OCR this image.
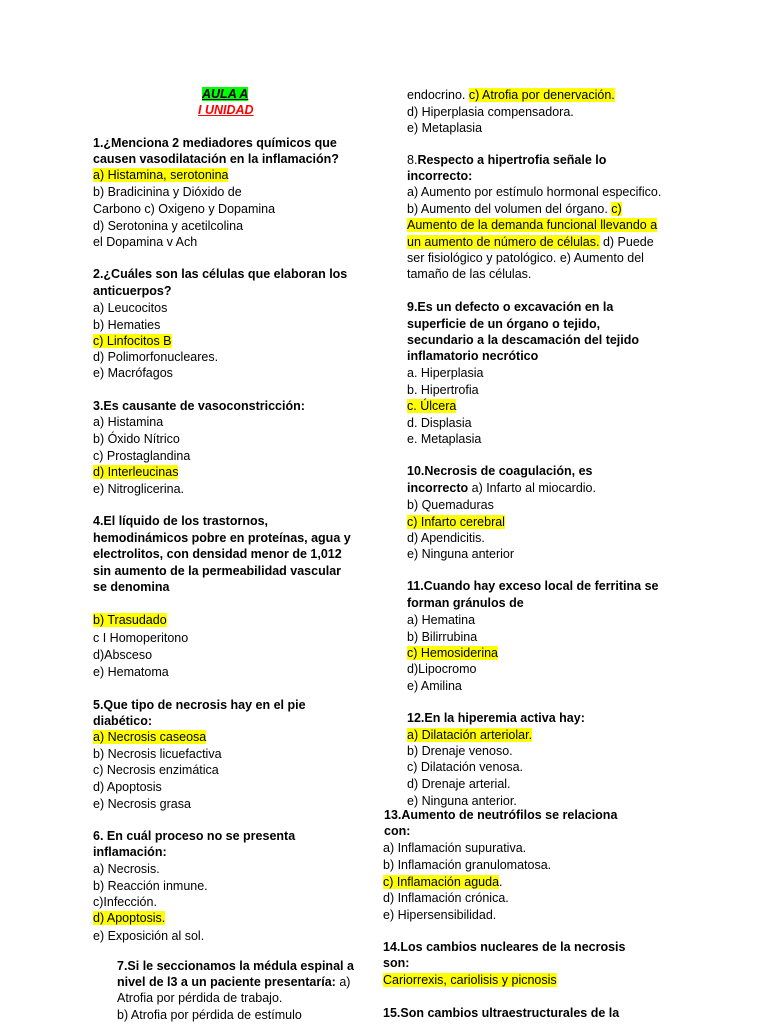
AULA A
I UNIDAD
1.¿Menciona 2 mediadores químicos que
causen vasodilatación en la inflamación?
a) Histamina, serotonina
b) Bradicinina y Dióxido de
Carbono c) Oxigeno y Dopamina
d) Serotonina y acetilcolina
el Dopamina v Ach
2.¿Cuáles son las células que elaboran los
anticuerpos?
a) Leucocitos
b) Hematies
c) Linfocitos B
d) Polimorfonucleares.
e) Macrófagos
3.Es causante de vasoconstricción:
a) Histamina
b) Óxido Nítrico
c) Prostaglandina
d) Interleucinas
e) Nitroglicerina.
4.El líquido de los trastornos,
hemodinámicos pobre en proteínas, agua y
electrolitos, con densidad menor de 1,012
sin aumento de la permeabilidad vascular
se denomina
b) Trasudado
c I Homoperitono
d)Absceso
e) Hematoma
5.Que tipo de necrosis hay en el pie
diabético:
a) Necrosis caseosa
b) Necrosis licuefactiva
c) Necrosis enzimática
d) Apoptosis
e) Necrosis grasa
6. En cuál proceso no se presenta
inflamación:
a) Necrosis.
b) Reacción inmune.
c)Infección.
d) Apoptosis.
e) Exposición al sol.
7.Si le seccionamos la médula espinal a
nivel de l3 a un paciente presentaría: a)
Atrofia por pérdida de trabajo.
b) Atrofia por pérdida de estímulo
endocrino. c) Atrofia por denervación.
d) Hiperplasia compensadora.
e) Metaplasia
8.Respecto a hipertrofia señale lo
incorrecto:
a) Aumento por estímulo hormonal especifico.
b) Aumento del volumen del órgano. c)
Aumento de la demanda funcional llevando a
un aumento de número de células. d) Puede
ser fisiológico y patológico. e) Aumento del
tamaño de las células.
9.Es un defecto o excavación en la
superficie de un órgano o tejido,
secundario a la descamación del tejido
inflamatorio necrótico
a. Hiperplasia
b. Hipertrofia
c. Úlcera
d. Displasia
e. Metaplasia
10.Necrosis de coagulación, es
incorrecto a) Infarto al miocardio.
b) Quemaduras
c) Infarto cerebral
d) Apendicitis.
e) Ninguna anterior
11.Cuando hay exceso local de ferritina se
forman gránulos de
a) Hematina
b) Bilirrubina
c) Hemosiderina
d)Lipocromo
e) Amilina
12.En la hiperemia activa hay:
a) Dilatación arteriolar.
b) Drenaje venoso.
c) Dilatación venosa.
d) Drenaje arterial.
e) Ninguna anterior.
13.Aumento de neutrófilos se relaciona
con:
a) Inflamación supurativa.
b) Inflamación granulomatosa.
c) Inflamación aguda.
d) Inflamación crónica.
e) Hipersensibilidad.
14.Los cambios nucleares de la necrosis
son:
Cariorrexis, cariolisis y picnosis
15.Son cambios ultraestructurales de la
